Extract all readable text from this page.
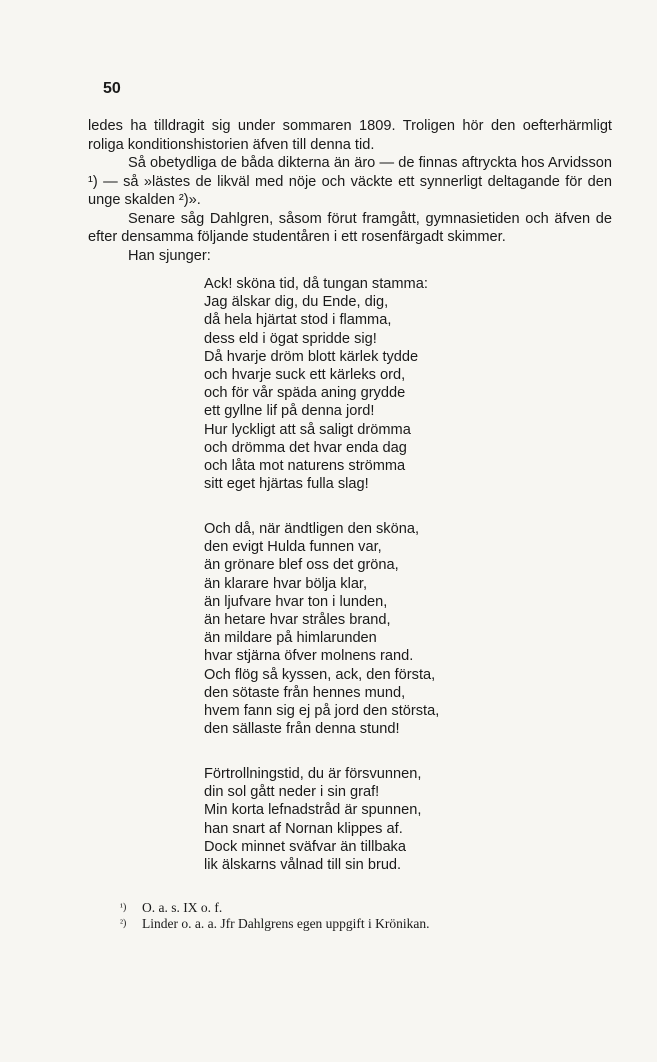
50

ledes ha tilldragit sig under sommaren 1809. Troligen hör den oefterhärmligt roliga konditionshistorien äfven till denna tid.

Så obetydliga de båda dikterna än äro — de finnas aftryckta hos Arvidsson ¹) — så »lästes de likväl med nöje och väckte ett synnerligt deltagande för den unge skalden ²)».

Senare såg Dahlgren, såsom förut framgått, gymnasietiden och äfven de efter densamma följande studentåren i ett rosenfärgadt skimmer.

Han sjunger:

Ack! sköna tid, då tungan stamma:
Jag älskar dig, du Ende, dig,
då hela hjärtat stod i flamma,
dess eld i ögat spridde sig!
Då hvarje dröm blott kärlek tydde
och hvarje suck ett kärleks ord,
och för vår späda aning grydde
ett gyllne lif på denna jord!
Hur lyckligt att så saligt drömma
och drömma det hvar enda dag
och låta mot naturens strömma
sitt eget hjärtas fulla slag!
Och då, när ändtligen den sköna,
den evigt Hulda funnen var,
än grönare blef oss det gröna,
än klarare hvar bölja klar,
än ljufvare hvar ton i lunden,
än hetare hvar stråles brand,
än mildare på himlarunden
hvar stjärna öfver molnens rand.
Och flög så kyssen, ack, den första,
den sötaste från hennes mund,
hvem fann sig ej på jord den största,
den sällaste från denna stund!
Förtrollningstid, du är försvunnen,
din sol gått neder i sin graf!
Min korta lefnadstråd är spunnen,
han snart af Nornan klippes af.
Dock minnet sväfvar än tillbaka
lik älskarns vålnad till sin brud.
¹) O. a. s. IX o. f.
²) Linder o. a. a. Jfr Dahlgrens egen uppgift i Krönikan.
